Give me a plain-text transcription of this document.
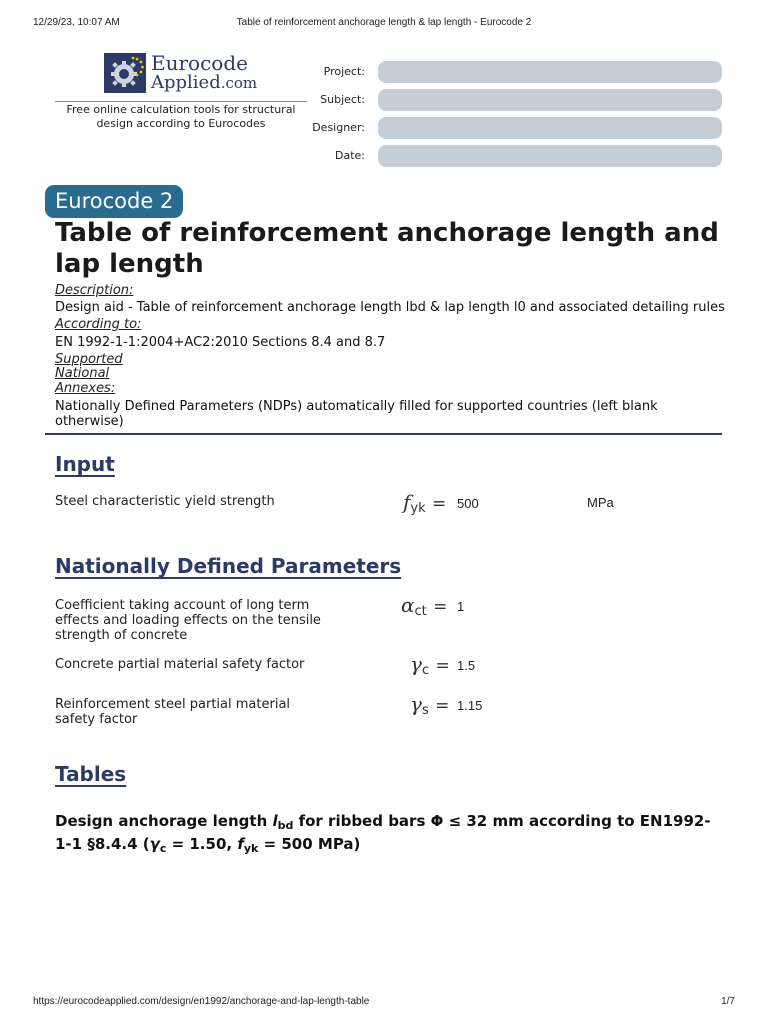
12/29/23, 10:07 AM	Table of reinforcement anchorage length & lap length - Eurocode 2
https://eurocodeapplied.com/design/en1992/anchorage-and-lap-length-table	1/7
Eurocode
Applied.com
Free online calculation tools for structural design according to Eurocodes
Project:
Subject:
Designer:
Date:
Eurocode 2
Table of reinforcement anchorage length and lap length
Description:
Design aid - Table of reinforcement anchorage length lbd & lap length l0 and associated detailing rules
According to:
EN 1992-1-1:2004+AC2:2010 Sections 8.4 and 8.7
Supported
National
Annexes:
Nationally Defined Parameters (NDPs) automatically filled for supported countries (left blank otherwise)
Input
Steel characteristic yield strength	$f_{yk} = 500$	MPa
Nationally Defined Parameters
Coefficient taking account of long term effects and loading effects on the tensile strength of concrete
$\alpha_{ct} = 1$
Concrete partial material safety factor	$\gamma_c = 1.5$
Reinforcement steel partial material safety factor
$\gamma_s = 1.15$
Tables
Design anchorage length $l_{bd}$ for ribbed bars Φ ≤ 32 mm according to EN1992-1-1 §8.4.4 ($\gamma_c = 1.50$, $f_{yk} = 500$ MPa)
